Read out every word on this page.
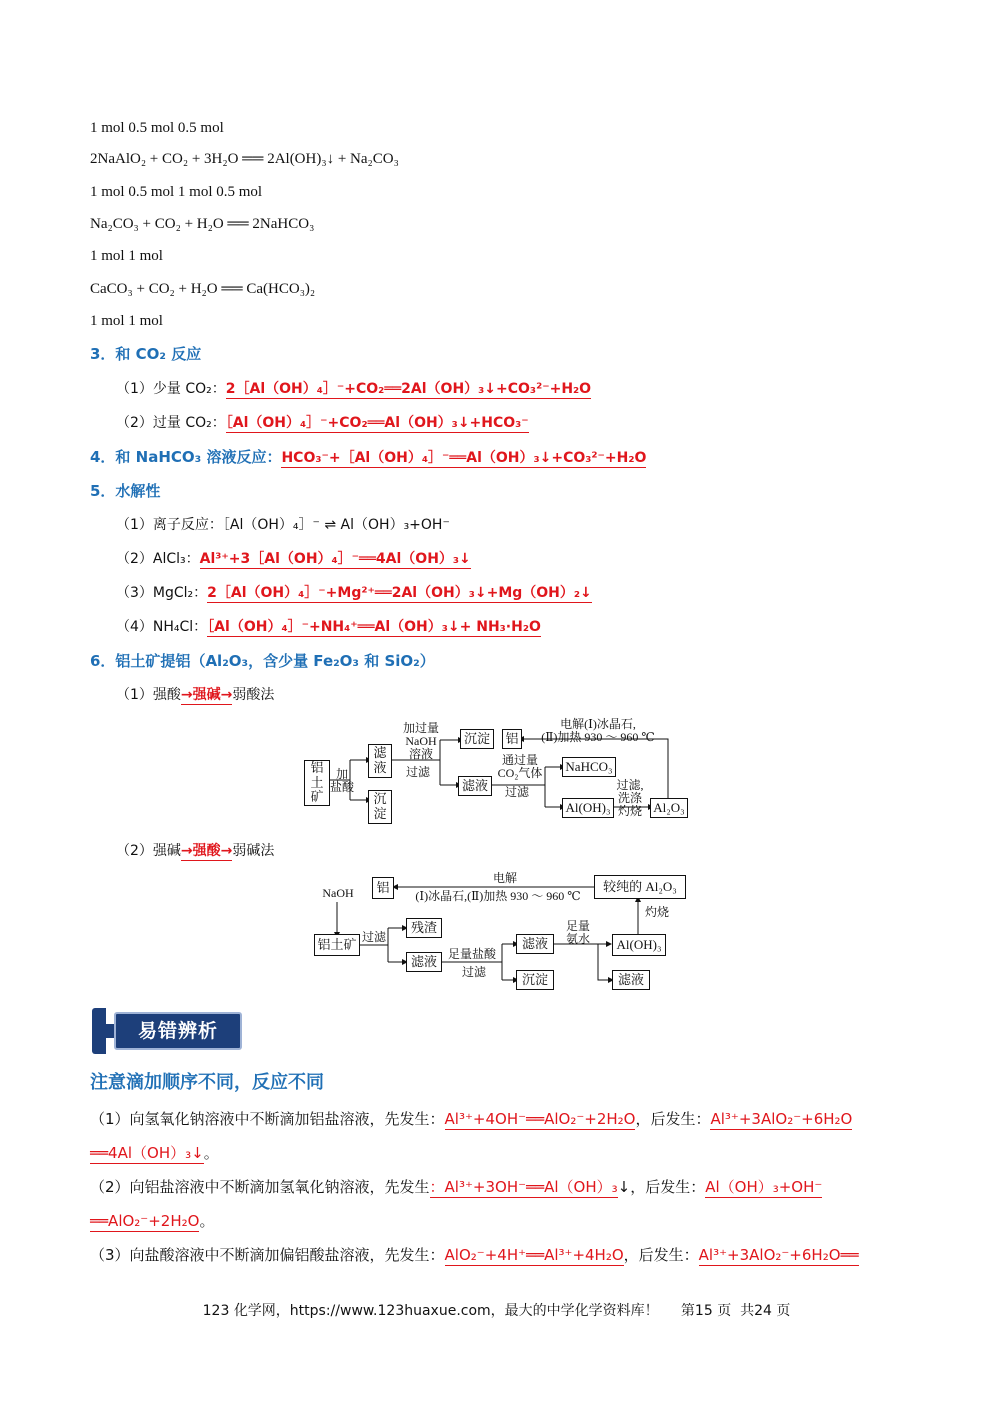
1 mol 0.5 mol 0.5 mol
2NaAlO₂ + CO₂ + 3H₂O ══ 2Al(OH)₃↓ + Na₂CO₃
1 mol 0.5 mol 1 mol 0.5 mol
Na₂CO₃ + CO₂ + H₂O ══ 2NaHCO₃
1 mol 1 mol
CaCO₃ + CO₂ + H₂O ══ Ca(HCO₃)₂
1 mol 1 mol
3．和 CO₂ 反应
（1）少量 CO₂：2［Al（OH）₄］⁻+CO₂══2Al（OH）₃↓+CO₃²⁻+H₂O
（2）过量 CO₂：［Al（OH）₄］⁻+CO₂══Al（OH）₃↓+HCO₃⁻
4．和 NaHCO₃ 溶液反应：HCO₃⁻+［Al（OH）₄］⁻══Al（OH）₃↓+CO₃²⁻+H₂O
5．水解性
（1）离子反应：［Al（OH）₄］⁻ ⇌ Al（OH）₃+OH⁻
（2）AlCl₃：Al³⁺+3［Al（OH）₄］⁻══4Al（OH）₃↓
（3）MgCl₂：2［Al（OH）₄］⁻+Mg²⁺══2Al（OH）₃↓+Mg（OH）₂↓
（4）NH₄Cl：［Al（OH）₄］⁻+NH₄⁺══Al（OH）₃↓+ NH₃·H₂O
6．铝土矿提铝（Al₂O₃，含少量 Fe₂O₃ 和 SiO₂）
（1）强酸→强碱→弱酸法
铝
土
矿
加
盐酸
滤
液
沉
淀
加过量
NaOH
溶液
过滤
沉淀 铝
电解(Ⅰ)冰晶石,
(Ⅱ)加热 930 ～ 960 ℃
滤液
通过量
CO₂气体
过滤
NaHCO₃
Al(OH)₃
过滤,
洗涤
灼烧 Al₂O₃
（2）强碱→强酸→弱碱法
NaOH	铝
电解
(Ⅰ)冰晶石,(Ⅱ)加热 930 ～ 960 ℃
较纯的 Al₂O₃
铝土矿 过滤
残渣
滤液 足量盐酸
过滤
滤液
沉淀
足量
氨水	Al(OH)₃
灼烧
滤液
易错辨析
注意滴加顺序不同，反应不同
（1）向氢氧化钠溶液中不断滴加铝盐溶液，先发生：Al³⁺+4OH⁻══AlO₂⁻+2H₂O，后发生：Al³⁺+3AlO₂⁻+6H₂O
══4Al（OH）₃↓。
（2）向铝盐溶液中不断滴加氢氧化钠溶液，先发生：Al³⁺+3OH⁻══Al（OH）₃↓，后发生：Al（OH）₃+OH⁻
══AlO₂⁻+2H₂O。
（3）向盐酸溶液中不断滴加偏铝酸盐溶液，先发生：AlO₂⁻+4H⁺══Al³⁺+4H₂O，后发生：Al³⁺+3AlO₂⁻+6H₂O══
123 化学网，https://www.123huaxue.com，最大的中学化学资料库！     第15 页  共24 页
